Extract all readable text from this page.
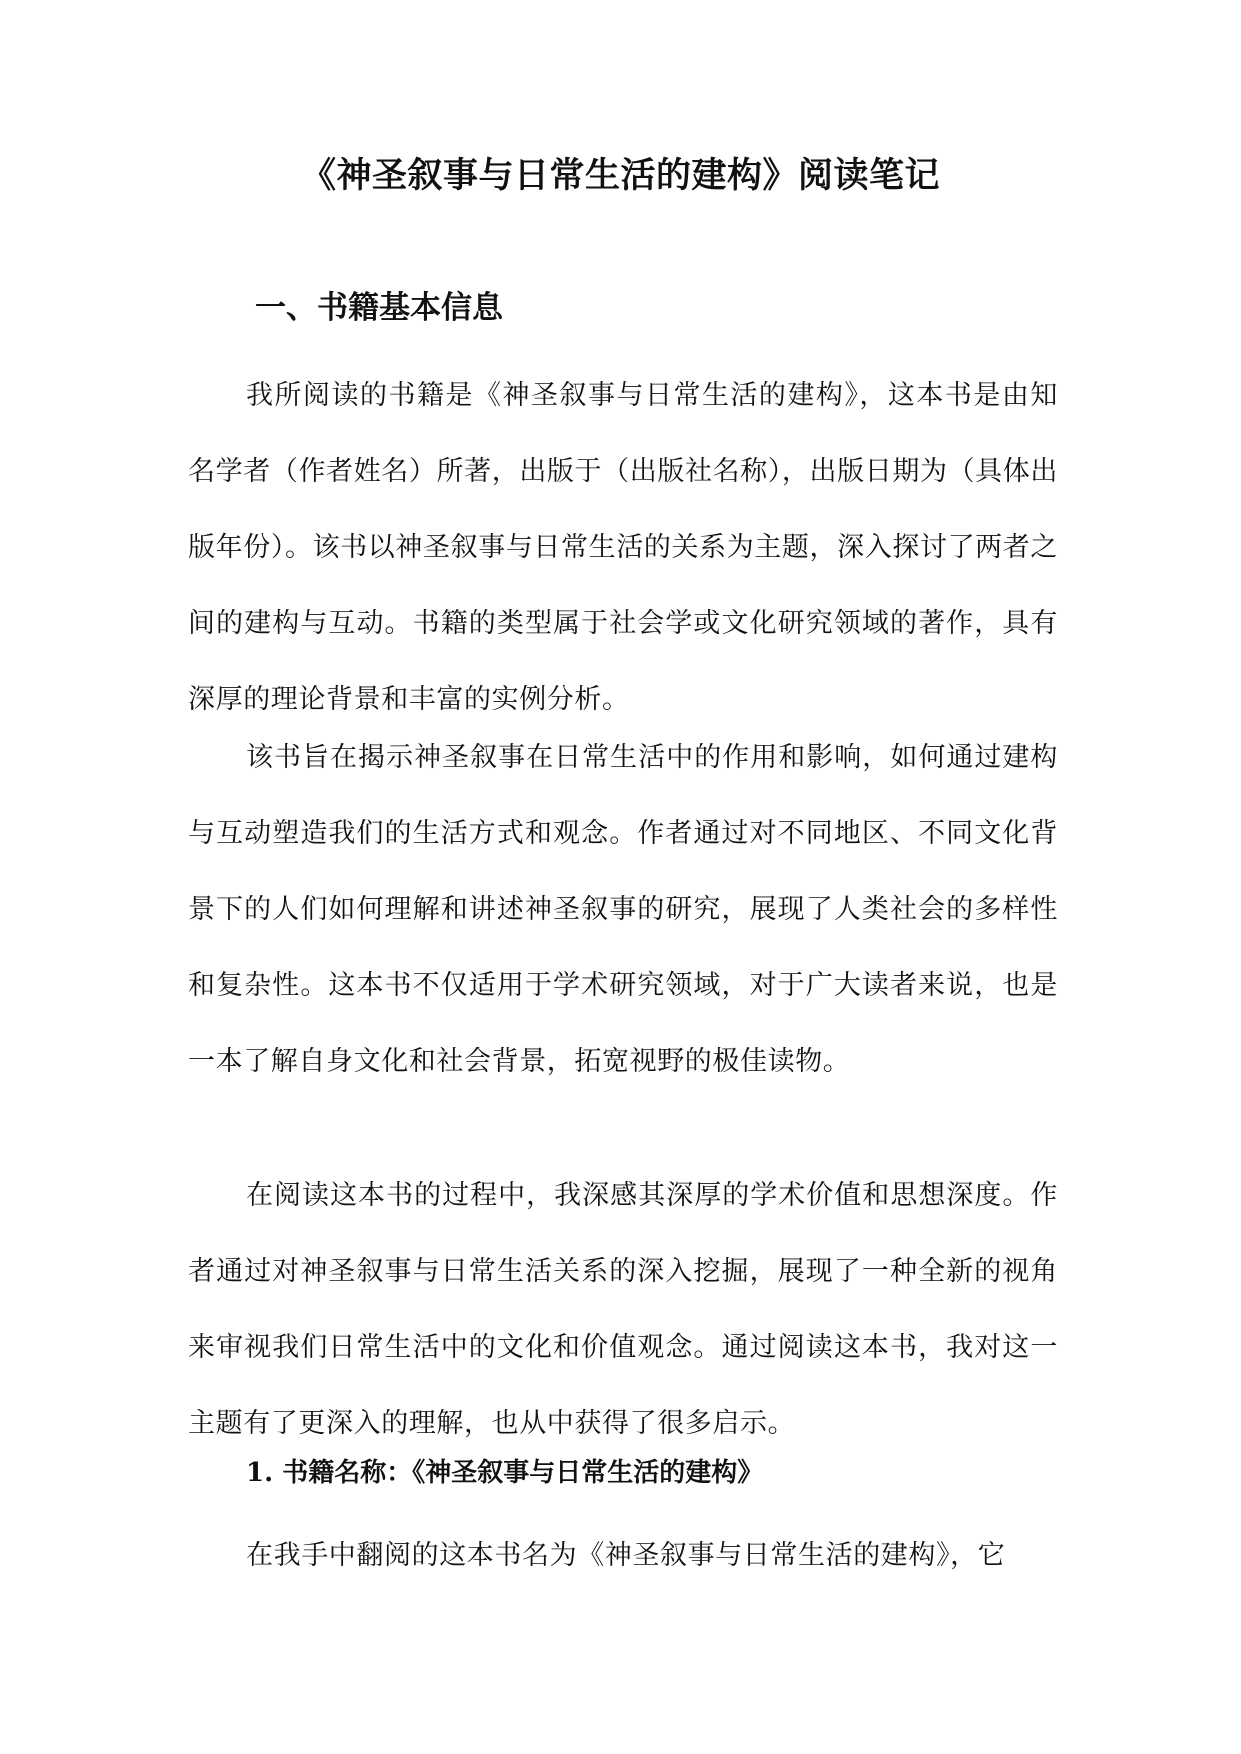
《神圣叙事与日常生活的建构》阅读笔记
一、书籍基本信息

我所阅读的书籍是《神圣叙事与日常生活的建构》，这本书是由知名学者（作者姓名）所著，出版于（出版社名称），出版日期为（具体出版年份）。该书以神圣叙事与日常生活的关系为主题，深入探讨了两者之间的建构与互动。书籍的类型属于社会学或文化研究领域的著作，具有深厚的理论背景和丰富的实例分析。

该书旨在揭示神圣叙事在日常生活中的作用和影响，如何通过建构与互动塑造我们的生活方式和观念。作者通过对不同地区、不同文化背景下的人们如何理解和讲述神圣叙事的研究，展现了人类社会的多样性和复杂性。这本书不仅适用于学术研究领域，对于广大读者来说，也是一本了解自身文化和社会背景，拓宽视野的极佳读物。

在阅读这本书的过程中，我深感其深厚的学术价值和思想深度。作者通过对神圣叙事与日常生活关系的深入挖掘，展现了一种全新的视角来审视我们日常生活中的文化和价值观念。通过阅读这本书，我对这一主题有了更深入的理解，也从中获得了很多启示。

1. 书籍名称：《神圣叙事与日常生活的建构》

在我手中翻阅的这本书名为《神圣叙事与日常生活的建构》，它
